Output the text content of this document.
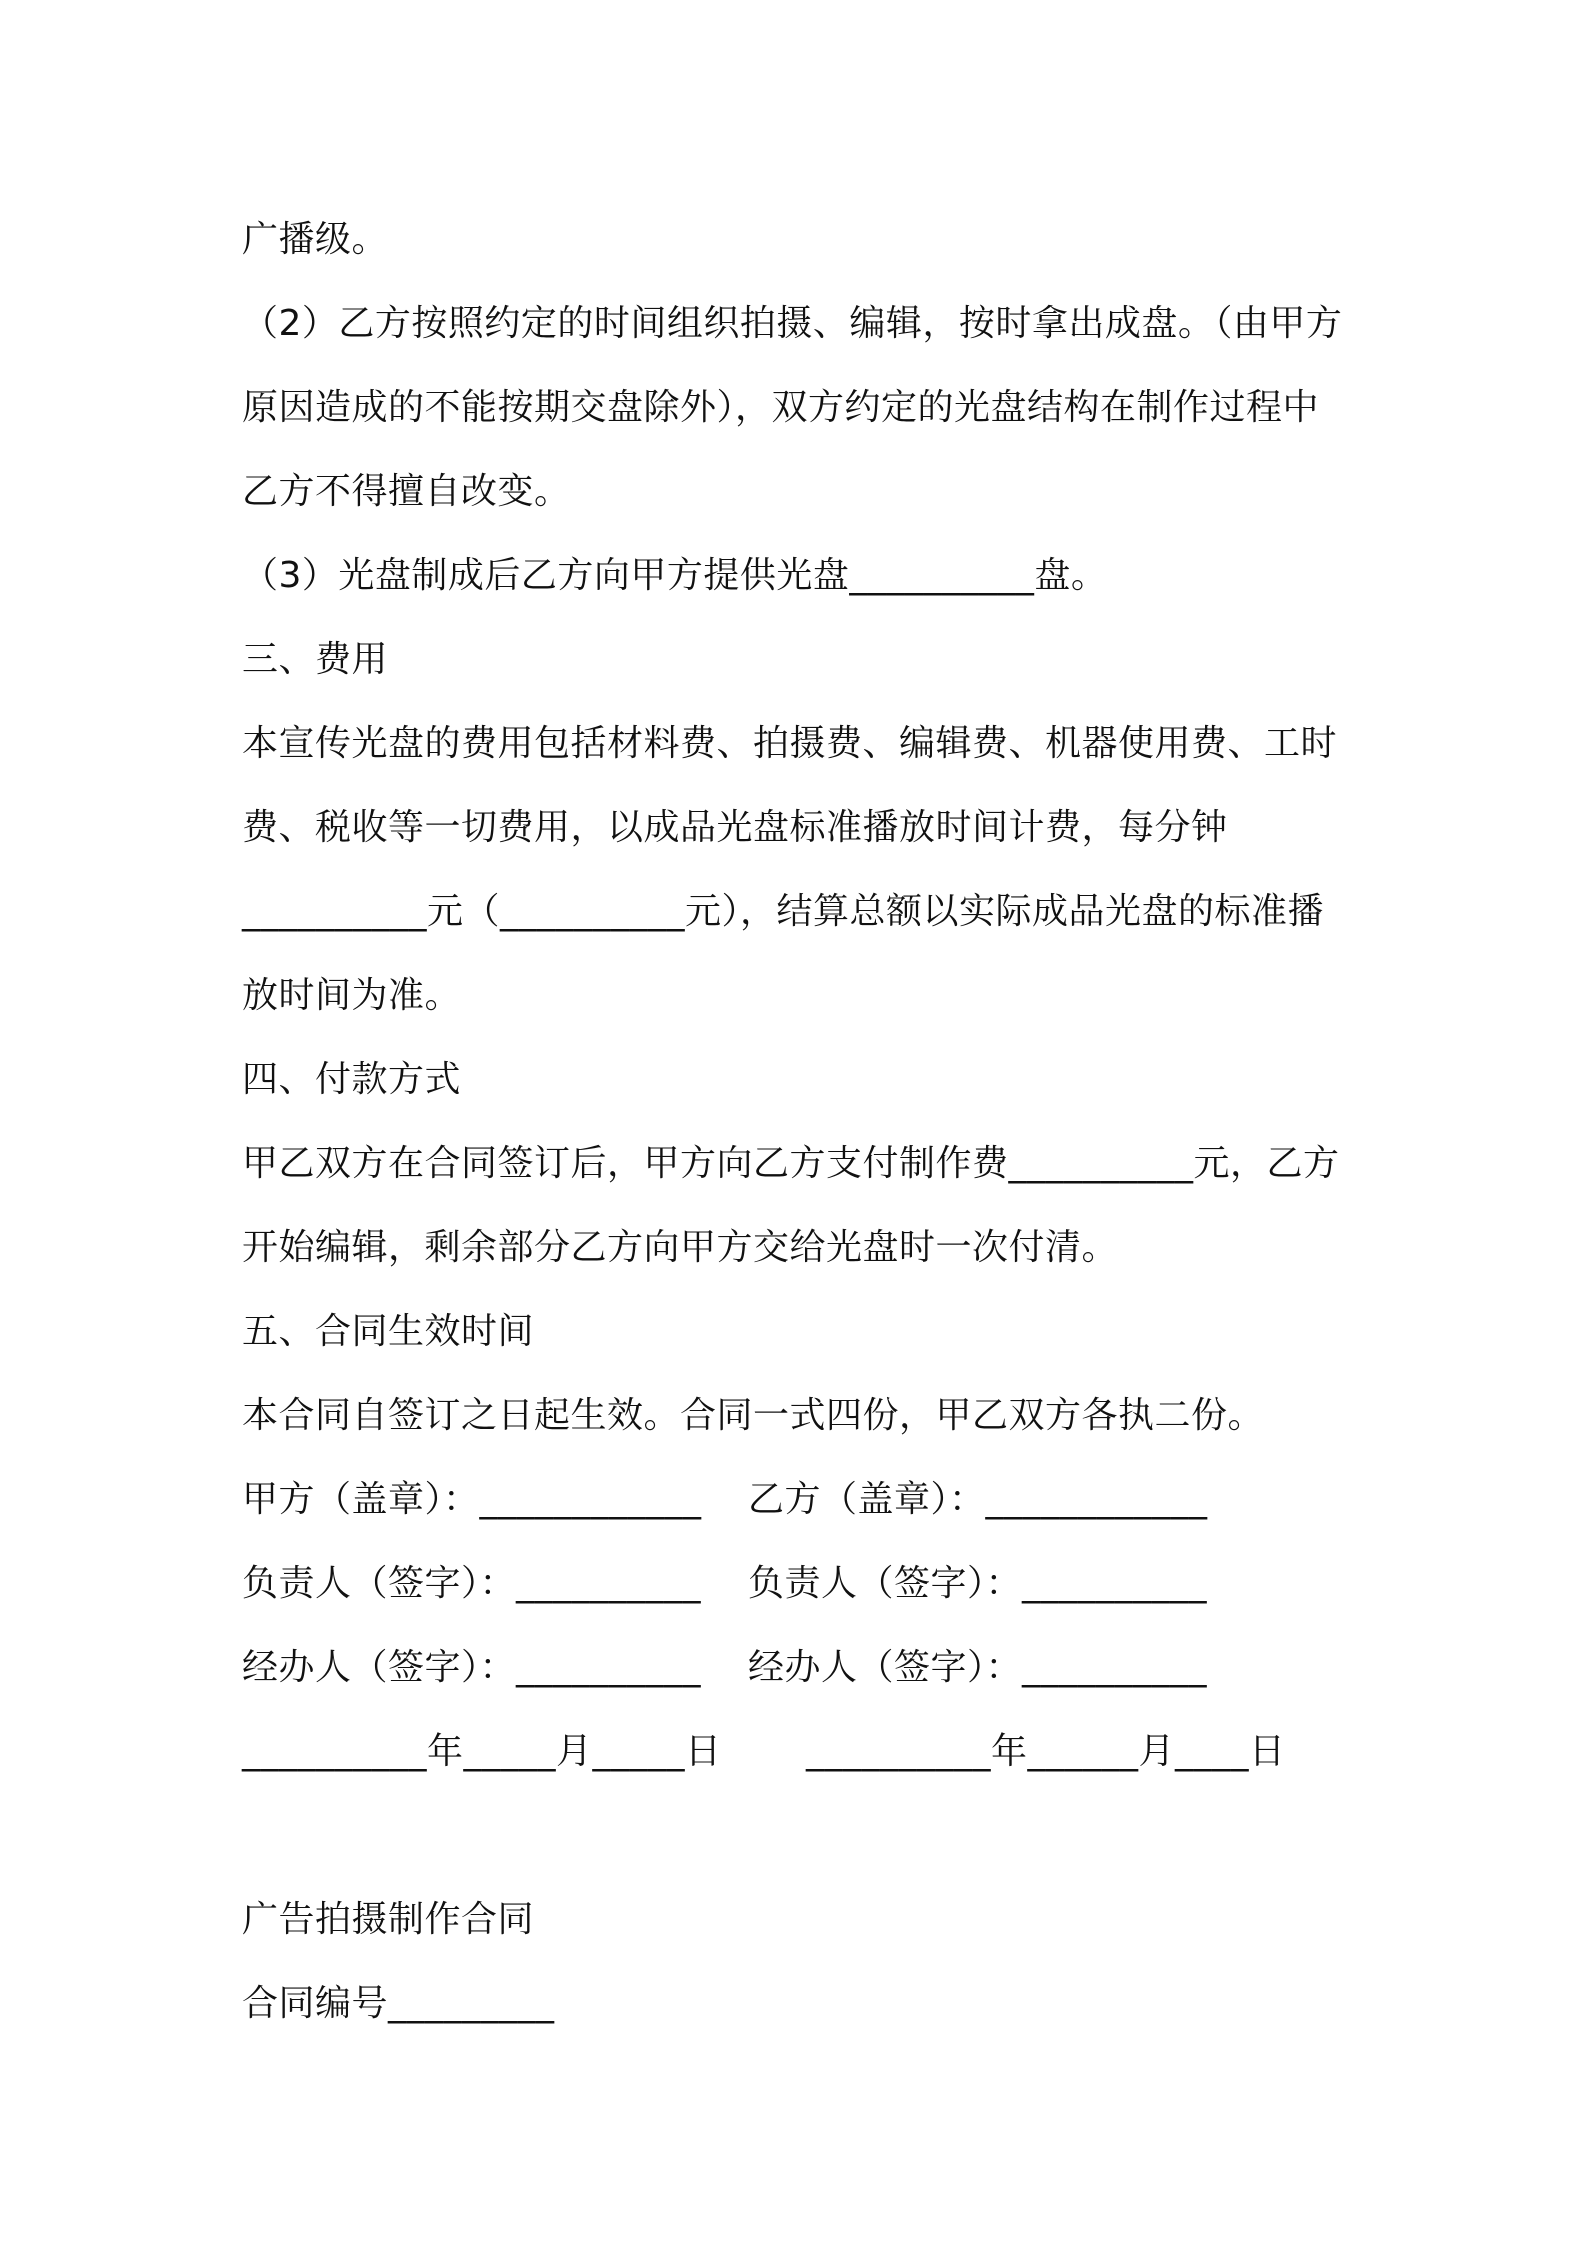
广播级。
（2）乙方按照约定的时间组织拍摄、编辑，按时拿出成盘。（由甲方
原因造成的不能按期交盘除外），双方约定的光盘结构在制作过程中
乙方不得擅自改变。
（3）光盘制成后乙方向甲方提供光盘__________盘。
三、费用
本宣传光盘的费用包括材料费、拍摄费、编辑费、机器使用费、工时
费、税收等一切费用，以成品光盘标准播放时间计费，每分钟
__________元（__________元），结算总额以实际成品光盘的标准播
放时间为准。
四、付款方式
甲乙双方在合同签订后，甲方向乙方支付制作费__________元，乙方
开始编辑，剩余部分乙方向甲方交给光盘时一次付清。
五、合同生效时间
本合同自签订之日起生效。合同一式四份，甲乙双方各执二份。
甲方（盖章）：____________ 乙方（盖章）：____________
负责人（签字）：__________ 负责人（签字）：__________
经办人（签字）：__________ 经办人（签字）：__________
__________年_____月_____日 __________年______月____日
广告拍摄制作合同
合同编号_________
